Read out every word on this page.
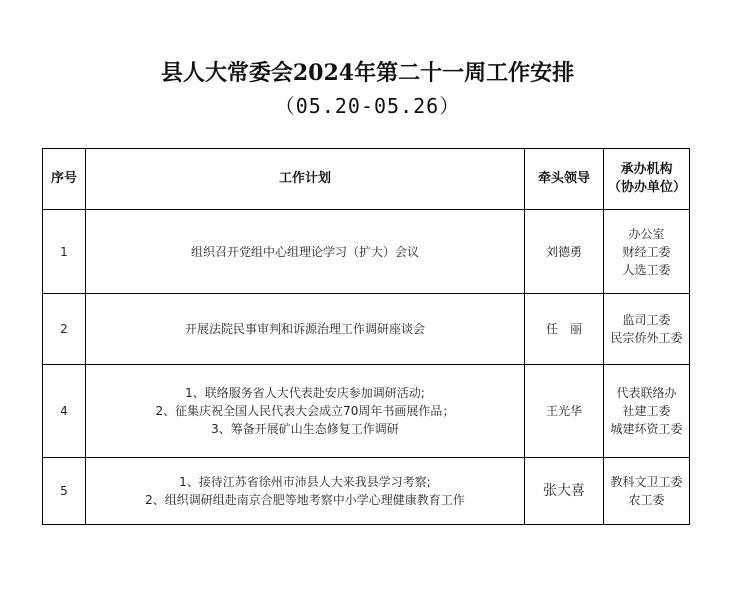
县人大常委会2024年第二十一周工作安排
（05.20-05.26）
序号	工作计划	牵头领导	承办机构（协办单位）
1	组织召开党组中心组理论学习（扩大）会议	刘德勇	办公室
财经工委
人选工委

2	开展法院民事审判和诉源治理工作调研座谈会	任　丽	监司工委
民宗侨外工委

4	1、联络服务省人大代表赴安庆参加调研活动;
2、征集庆祝全国人民代表大会成立70周年书画展作品；
3、筹备开展矿山生态修复工作调研	王光华	代表联络办
社建工委
城建环资工委

5	1、接待江苏省徐州市沛县人大来我县学习考察;
2、组织调研组赴南京合肥等地考察中小学心理健康教育工作	张大喜	教科文卫工委
农工委
